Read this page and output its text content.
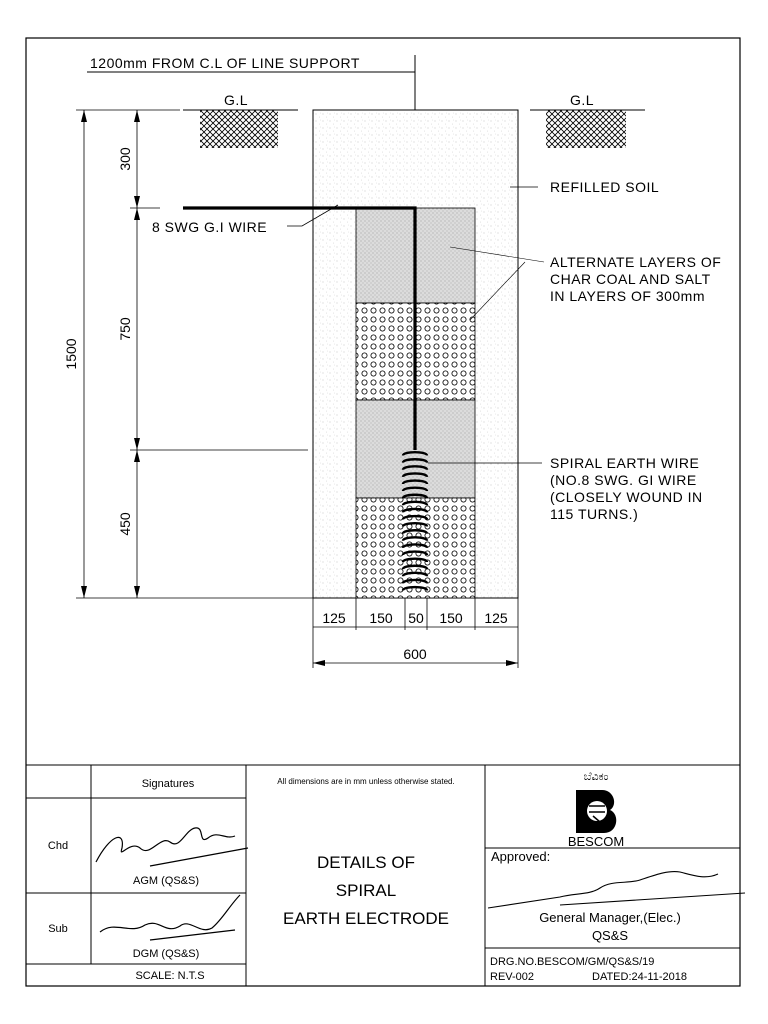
G.L	G.L
1200mm FROM C.L OF LINE SUPPORT
REFILLED SOIL
8 SWG G.I WIRE
ALTERNATE LAYERS OF
CHAR COAL AND SALT
IN LAYERS OF 300mm
SPIRAL EARTH WIRE
(NO.8 SWG. GI WIRE
(CLOSELY WOUND IN
115 TURNS.)
1500
300
750
450
125 150 50 150 125
600
Signatures	All dimensions are in mm unless otherwise stated.
Chd
AGM (QS&S)
Sub
DGM (QS&S)
SCALE: N.T.S
DETAILS OF
SPIRAL
EARTH ELECTRODE
ಬೆವಿಕಂ
BESCOM
Approved:
General Manager,(Elec.)
QS&S
DRG.NO.BESCOM/GM/QS&S/19
REV-002	DATED:24-11-2018
